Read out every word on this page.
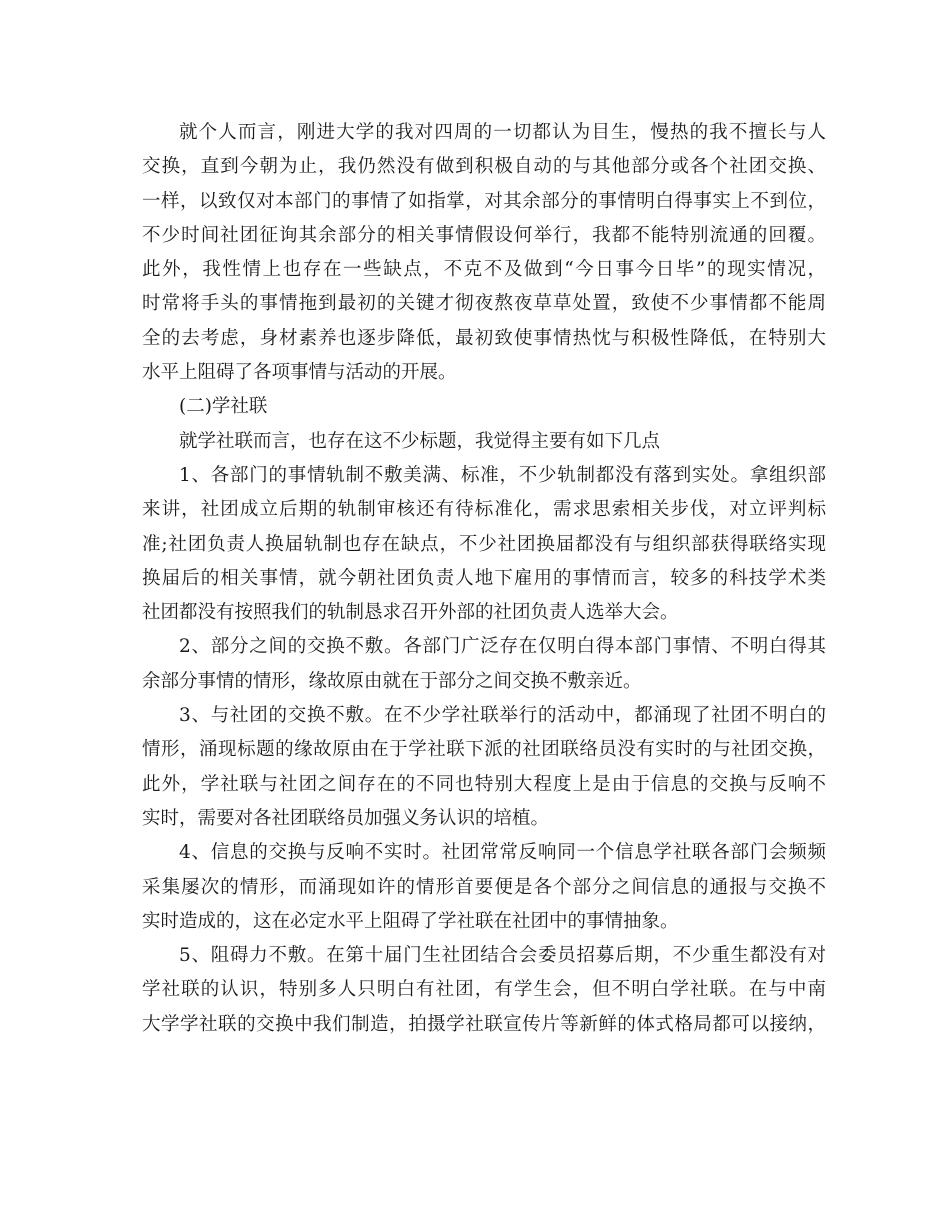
就个人而言，刚进大学的我对四周的一切都认为目生，慢热的我不擅长与人
交换，直到今朝为止，我仍然没有做到积极自动的与其他部分或各个社团交换、
一样，以致仅对本部门的事情了如指掌，对其余部分的事情明白得事实上不到位，
不少时间社团征询其余部分的相关事情假设何举行，我都不能特别流通的回覆。
此外，我性情上也存在一些缺点，不克不及做到“今日事今日毕”的现实情况，
时常将手头的事情拖到最初的关键才彻夜熬夜草草处置，致使不少事情都不能周
全的去考虑，身材素养也逐步降低，最初致使事情热忱与积极性降低，在特别大
水平上阻碍了各项事情与活动的开展。
(二)学社联
就学社联而言，也存在这不少标题，我觉得主要有如下几点
1、各部门的事情轨制不敷美满、标准，不少轨制都没有落到实处。拿组织部
来讲，社团成立后期的轨制审核还有待标准化，需求思索相关步伐，对立评判标
准;社团负责人换届轨制也存在缺点，不少社团换届都没有与组织部获得联络实现
换届后的相关事情，就今朝社团负责人地下雇用的事情而言，较多的科技学术类
社团都没有按照我们的轨制恳求召开外部的社团负责人选举大会。
2、部分之间的交换不敷。各部门广泛存在仅明白得本部门事情、不明白得其
余部分事情的情形，缘故原由就在于部分之间交换不敷亲近。
3、与社团的交换不敷。在不少学社联举行的活动中，都涌现了社团不明白的
情形，涌现标题的缘故原由在于学社联下派的社团联络员没有实时的与社团交换，
此外，学社联与社团之间存在的不同也特别大程度上是由于信息的交换与反响不
实时，需要对各社团联络员加强义务认识的培植。
4、信息的交换与反响不实时。社团常常反响同一个信息学社联各部门会频频
采集屡次的情形，而涌现如许的情形首要便是各个部分之间信息的通报与交换不
实时造成的，这在必定水平上阻碍了学社联在社团中的事情抽象。
5、阻碍力不敷。在第十届门生社团结合会委员招募后期，不少重生都没有对
学社联的认识，特别多人只明白有社团，有学生会，但不明白学社联。在与中南
大学学社联的交换中我们制造，拍摄学社联宣传片等新鲜的体式格局都可以接纳，
